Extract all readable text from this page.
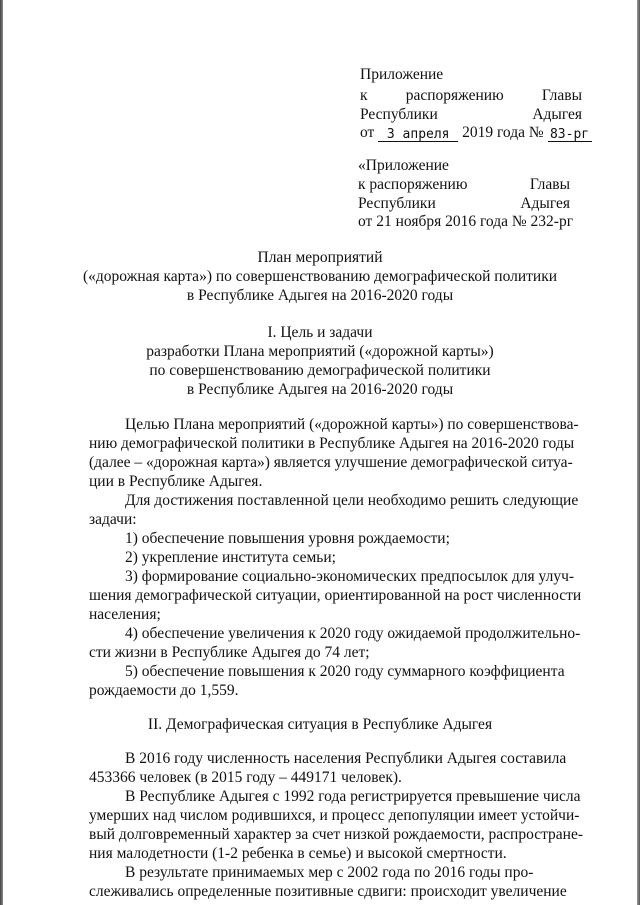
Приложение
к распоряжению Главы
Республики	Адыгея
от 3 апреля 2019 года № 83-рг
«Приложение
к распоряжению	Главы
Республики	Адыгея
от 21 ноября 2016 года № 232-рг
План мероприятий
(«дорожная карта») по совершенствованию демографической политики
в Республике Адыгея на 2016-2020 годы
I. Цель и задачи
разработки Плана мероприятий («дорожной карты»)
по совершенствованию демографической политики
в Республике Адыгея на 2016-2020 годы
Целью Плана мероприятий («дорожной карты») по совершенствова-
нию демографической политики в Республике Адыгея на 2016-2020 годы
(далее – «дорожная карта») является улучшение демографической ситуа-
ции в Республике Адыгея.
Для достижения поставленной цели необходимо решить следующие
задачи:
1) обеспечение повышения уровня рождаемости;
2) укрепление института семьи;
3) формирование социально-экономических предпосылок для улуч-
шения демографической ситуации, ориентированной на рост численности
населения;
4) обеспечение увеличения к 2020 году ожидаемой продолжительно-
сти жизни в Республике Адыгея до 74 лет;
5) обеспечение повышения к 2020 году суммарного коэффициента
рождаемости до 1,559.
II. Демографическая ситуация в Республике Адыгея
В 2016 году численность населения Республики Адыгея составила
453366 человек (в 2015 году – 449171 человек).
В Республике Адыгея с 1992 года регистрируется превышение числа
умерших над числом родившихся, и процесс депопуляции имеет устойчи-
вый долговременный характер за счет низкой рождаемости, распростране-
ния малодетности (1-2 ребенка в семье) и высокой смертности.
В результате принимаемых мер с 2002 года по 2016 годы про-
слеживались определенные позитивные сдвиги: происходит увеличение
